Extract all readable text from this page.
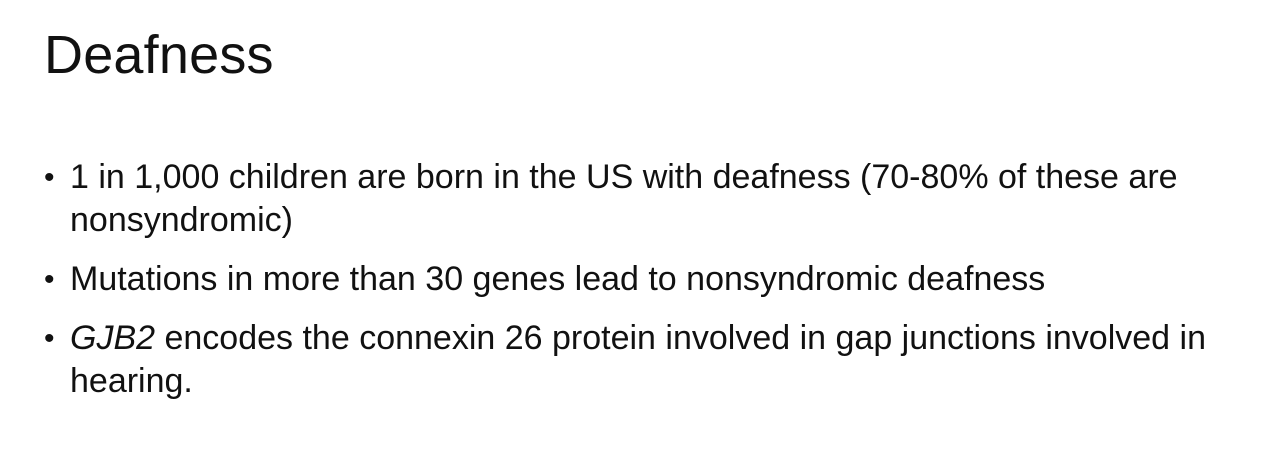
Deafness
• 1 in 1,000 children are born in the US with deafness (70-80% of these are nonsyndromic)
• Mutations in more than 30 genes lead to nonsyndromic deafness
• GJB2 encodes the connexin 26 protein involved in gap junctions involved in hearing.
